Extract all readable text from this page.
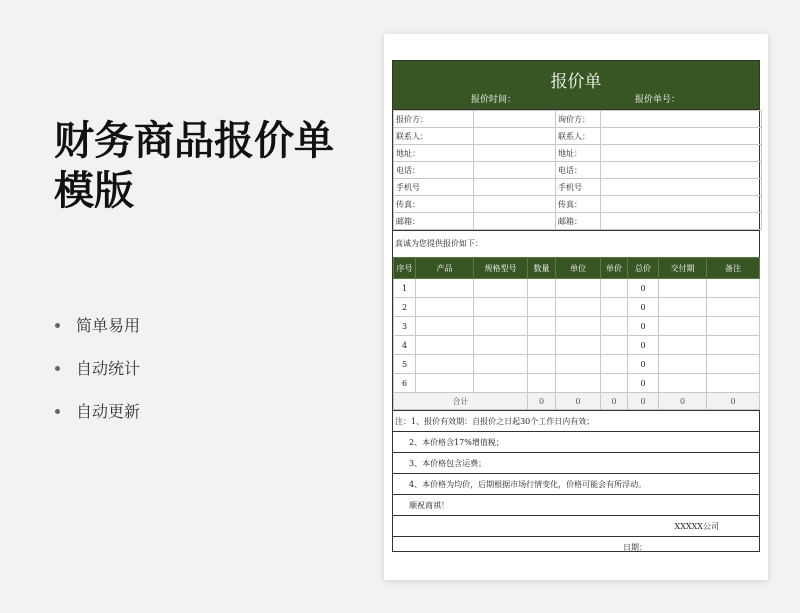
财务商品报价单
模版
简单易用
自动统计
自动更新
报价单
报价时间：	报价单号：
报价方：		询价方：	
联系人：		联系人：	
地址：		地址：	
电话：		电话：	
手机号		手机号	
传真：		传真：	
邮箱：		邮箱：	
真诚为您提供报价如下：
序号	产品	规格型号	数量	单位	单价	总价	交付期	备注
1						0		
2						0		
3						0		
4						0		
5						0		
6						0		
合计			0	0	0	0	0	0
注：1、报价有效期：自报价之日起30个工作日内有效；
2、本价格含17%增值税；
3、本价格包含运费；
4、本价格为均价，后期根据市场行情变化，价格可能会有所浮动。
顺祝商祺！
XXXXX公司
日期：
